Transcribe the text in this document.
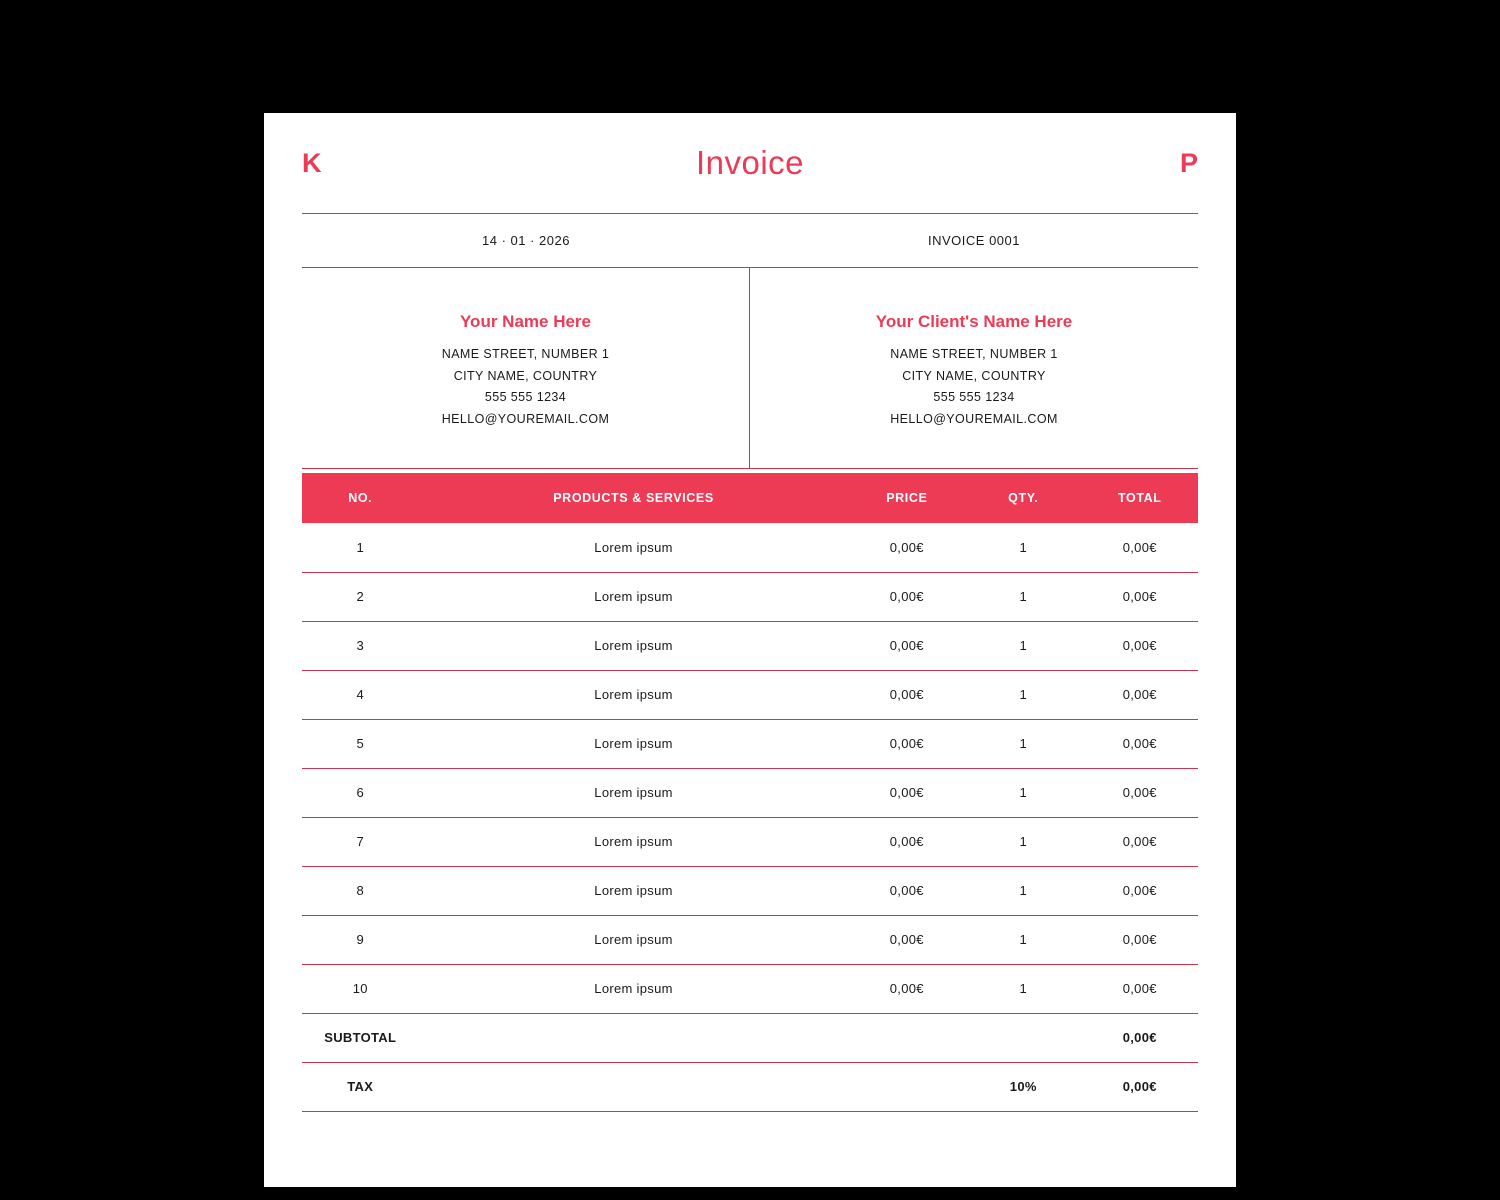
K	Invoice	P
14 · 01 · 2026	INVOICE 0001
Your Name Here
NAME STREET, NUMBER 1
CITY NAME, COUNTRY
555 555 1234
HELLO@YOUREMAIL.COM
Your Client's Name Here
NAME STREET, NUMBER 1
CITY NAME, COUNTRY
555 555 1234
HELLO@YOUREMAIL.COM
NO.	PRODUCTS & SERVICES	PRICE	QTY.	TOTAL
1	Lorem ipsum	0,00€	1	0,00€
2	Lorem ipsum	0,00€	1	0,00€
3	Lorem ipsum	0,00€	1	0,00€
4	Lorem ipsum	0,00€	1	0,00€
5	Lorem ipsum	0,00€	1	0,00€
6	Lorem ipsum	0,00€	1	0,00€
7	Lorem ipsum	0,00€	1	0,00€
8	Lorem ipsum	0,00€	1	0,00€
9	Lorem ipsum	0,00€	1	0,00€
10	Lorem ipsum	0,00€	1	0,00€
SUBTOTAL				0,00€
TAX			10%	0,00€
